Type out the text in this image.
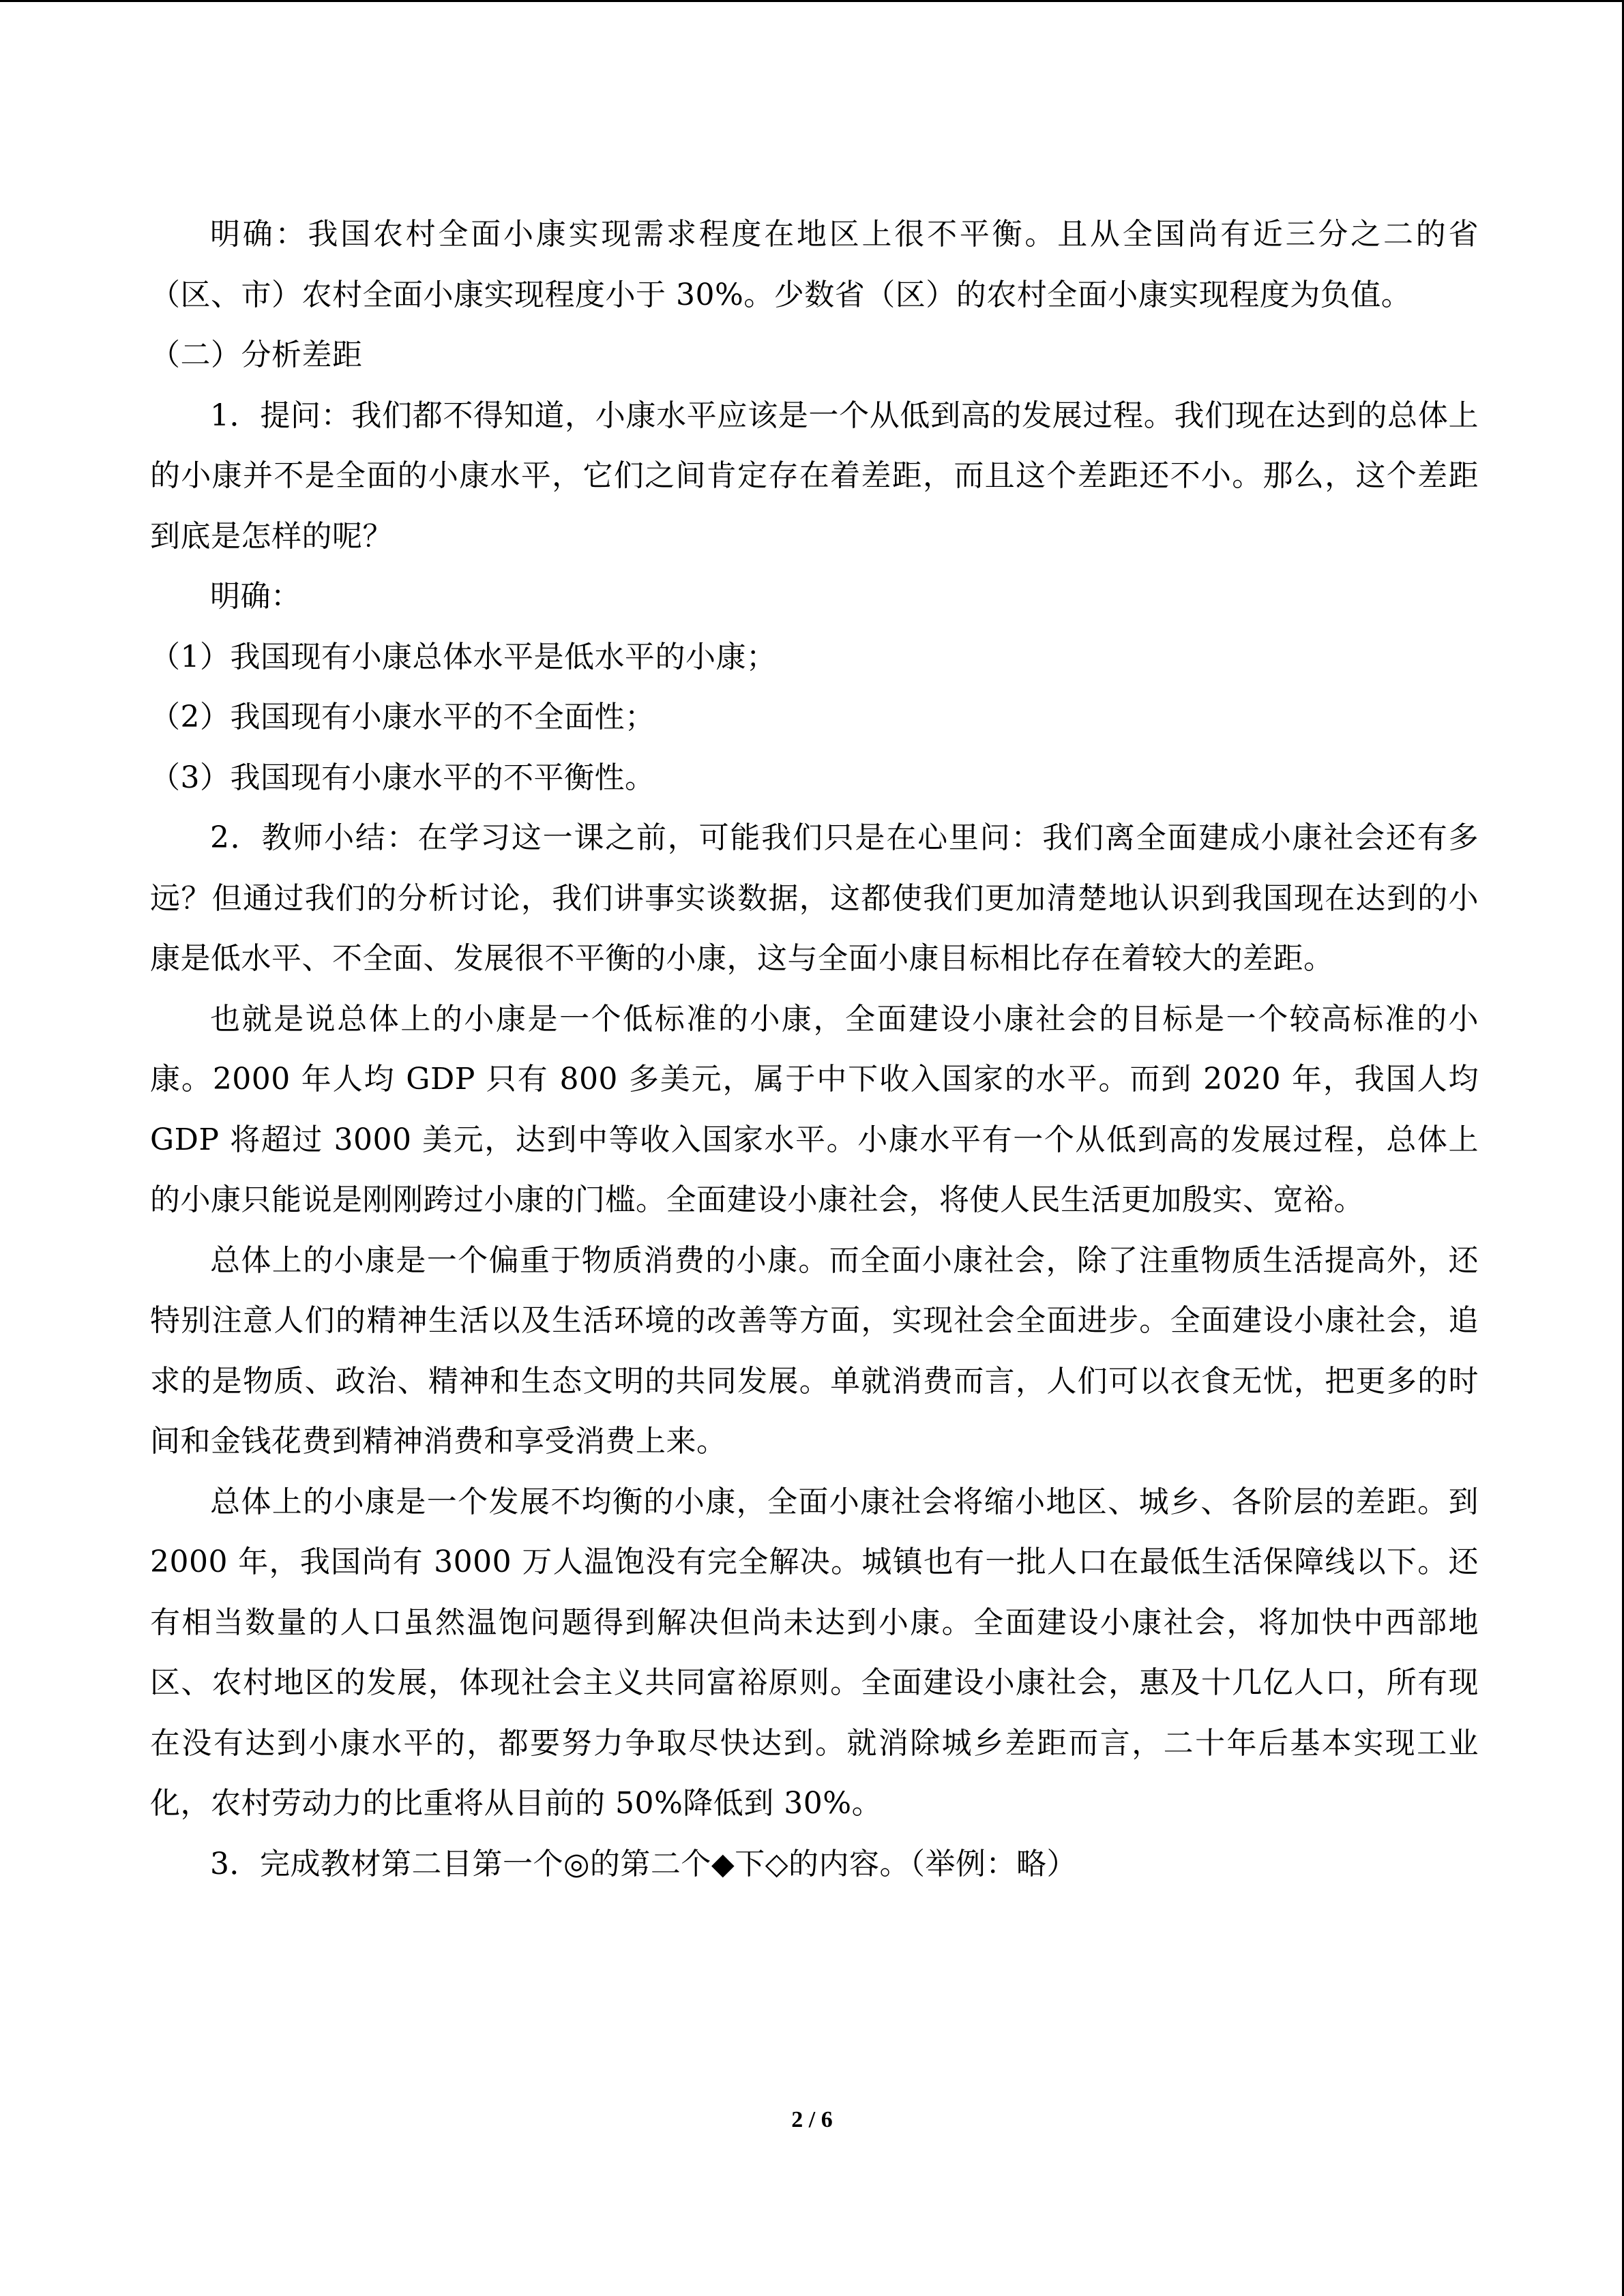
明确：我国农村全面小康实现需求程度在地区上很不平衡。且从全国尚有近三分之二的省（区、市）农村全面小康实现程度小于 30%。少数省（区）的农村全面小康实现程度为负值。

（二）分析差距

1．提问：我们都不得知道，小康水平应该是一个从低到高的发展过程。我们现在达到的总体上的小康并不是全面的小康水平，它们之间肯定存在着差距，而且这个差距还不小。那么，这个差距到底是怎样的呢？

明确：

（1）我国现有小康总体水平是低水平的小康；

（2）我国现有小康水平的不全面性；

（3）我国现有小康水平的不平衡性。

2．教师小结：在学习这一课之前，可能我们只是在心里问：我们离全面建成小康社会还有多远？但通过我们的分析讨论，我们讲事实谈数据，这都使我们更加清楚地认识到我国现在达到的小康是低水平、不全面、发展很不平衡的小康，这与全面小康目标相比存在着较大的差距。

也就是说总体上的小康是一个低标准的小康，全面建设小康社会的目标是一个较高标准的小康。2000 年人均 GDP 只有 800 多美元，属于中下收入国家的水平。而到 2020 年，我国人均 GDP 将超过 3000 美元，达到中等收入国家水平。小康水平有一个从低到高的发展过程，总体上的小康只能说是刚刚跨过小康的门槛。全面建设小康社会，将使人民生活更加殷实、宽裕。

总体上的小康是一个偏重于物质消费的小康。而全面小康社会，除了注重物质生活提高外，还特别注意人们的精神生活以及生活环境的改善等方面，实现社会全面进步。全面建设小康社会，追求的是物质、政治、精神和生态文明的共同发展。单就消费而言，人们可以衣食无忧，把更多的时间和金钱花费到精神消费和享受消费上来。

总体上的小康是一个发展不均衡的小康，全面小康社会将缩小地区、城乡、各阶层的差距。到 2000 年，我国尚有 3000 万人温饱没有完全解决。城镇也有一批人口在最低生活保障线以下。还有相当数量的人口虽然温饱问题得到解决但尚未达到小康。全面建设小康社会，将加快中西部地区、农村地区的发展，体现社会主义共同富裕原则。全面建设小康社会，惠及十几亿人口，所有现在没有达到小康水平的，都要努力争取尽快达到。就消除城乡差距而言，二十年后基本实现工业化，农村劳动力的比重将从目前的 50%降低到 30%。

3．完成教材第二目第一个◎的第二个◆下◇的内容。（举例：略）

2 / 6
